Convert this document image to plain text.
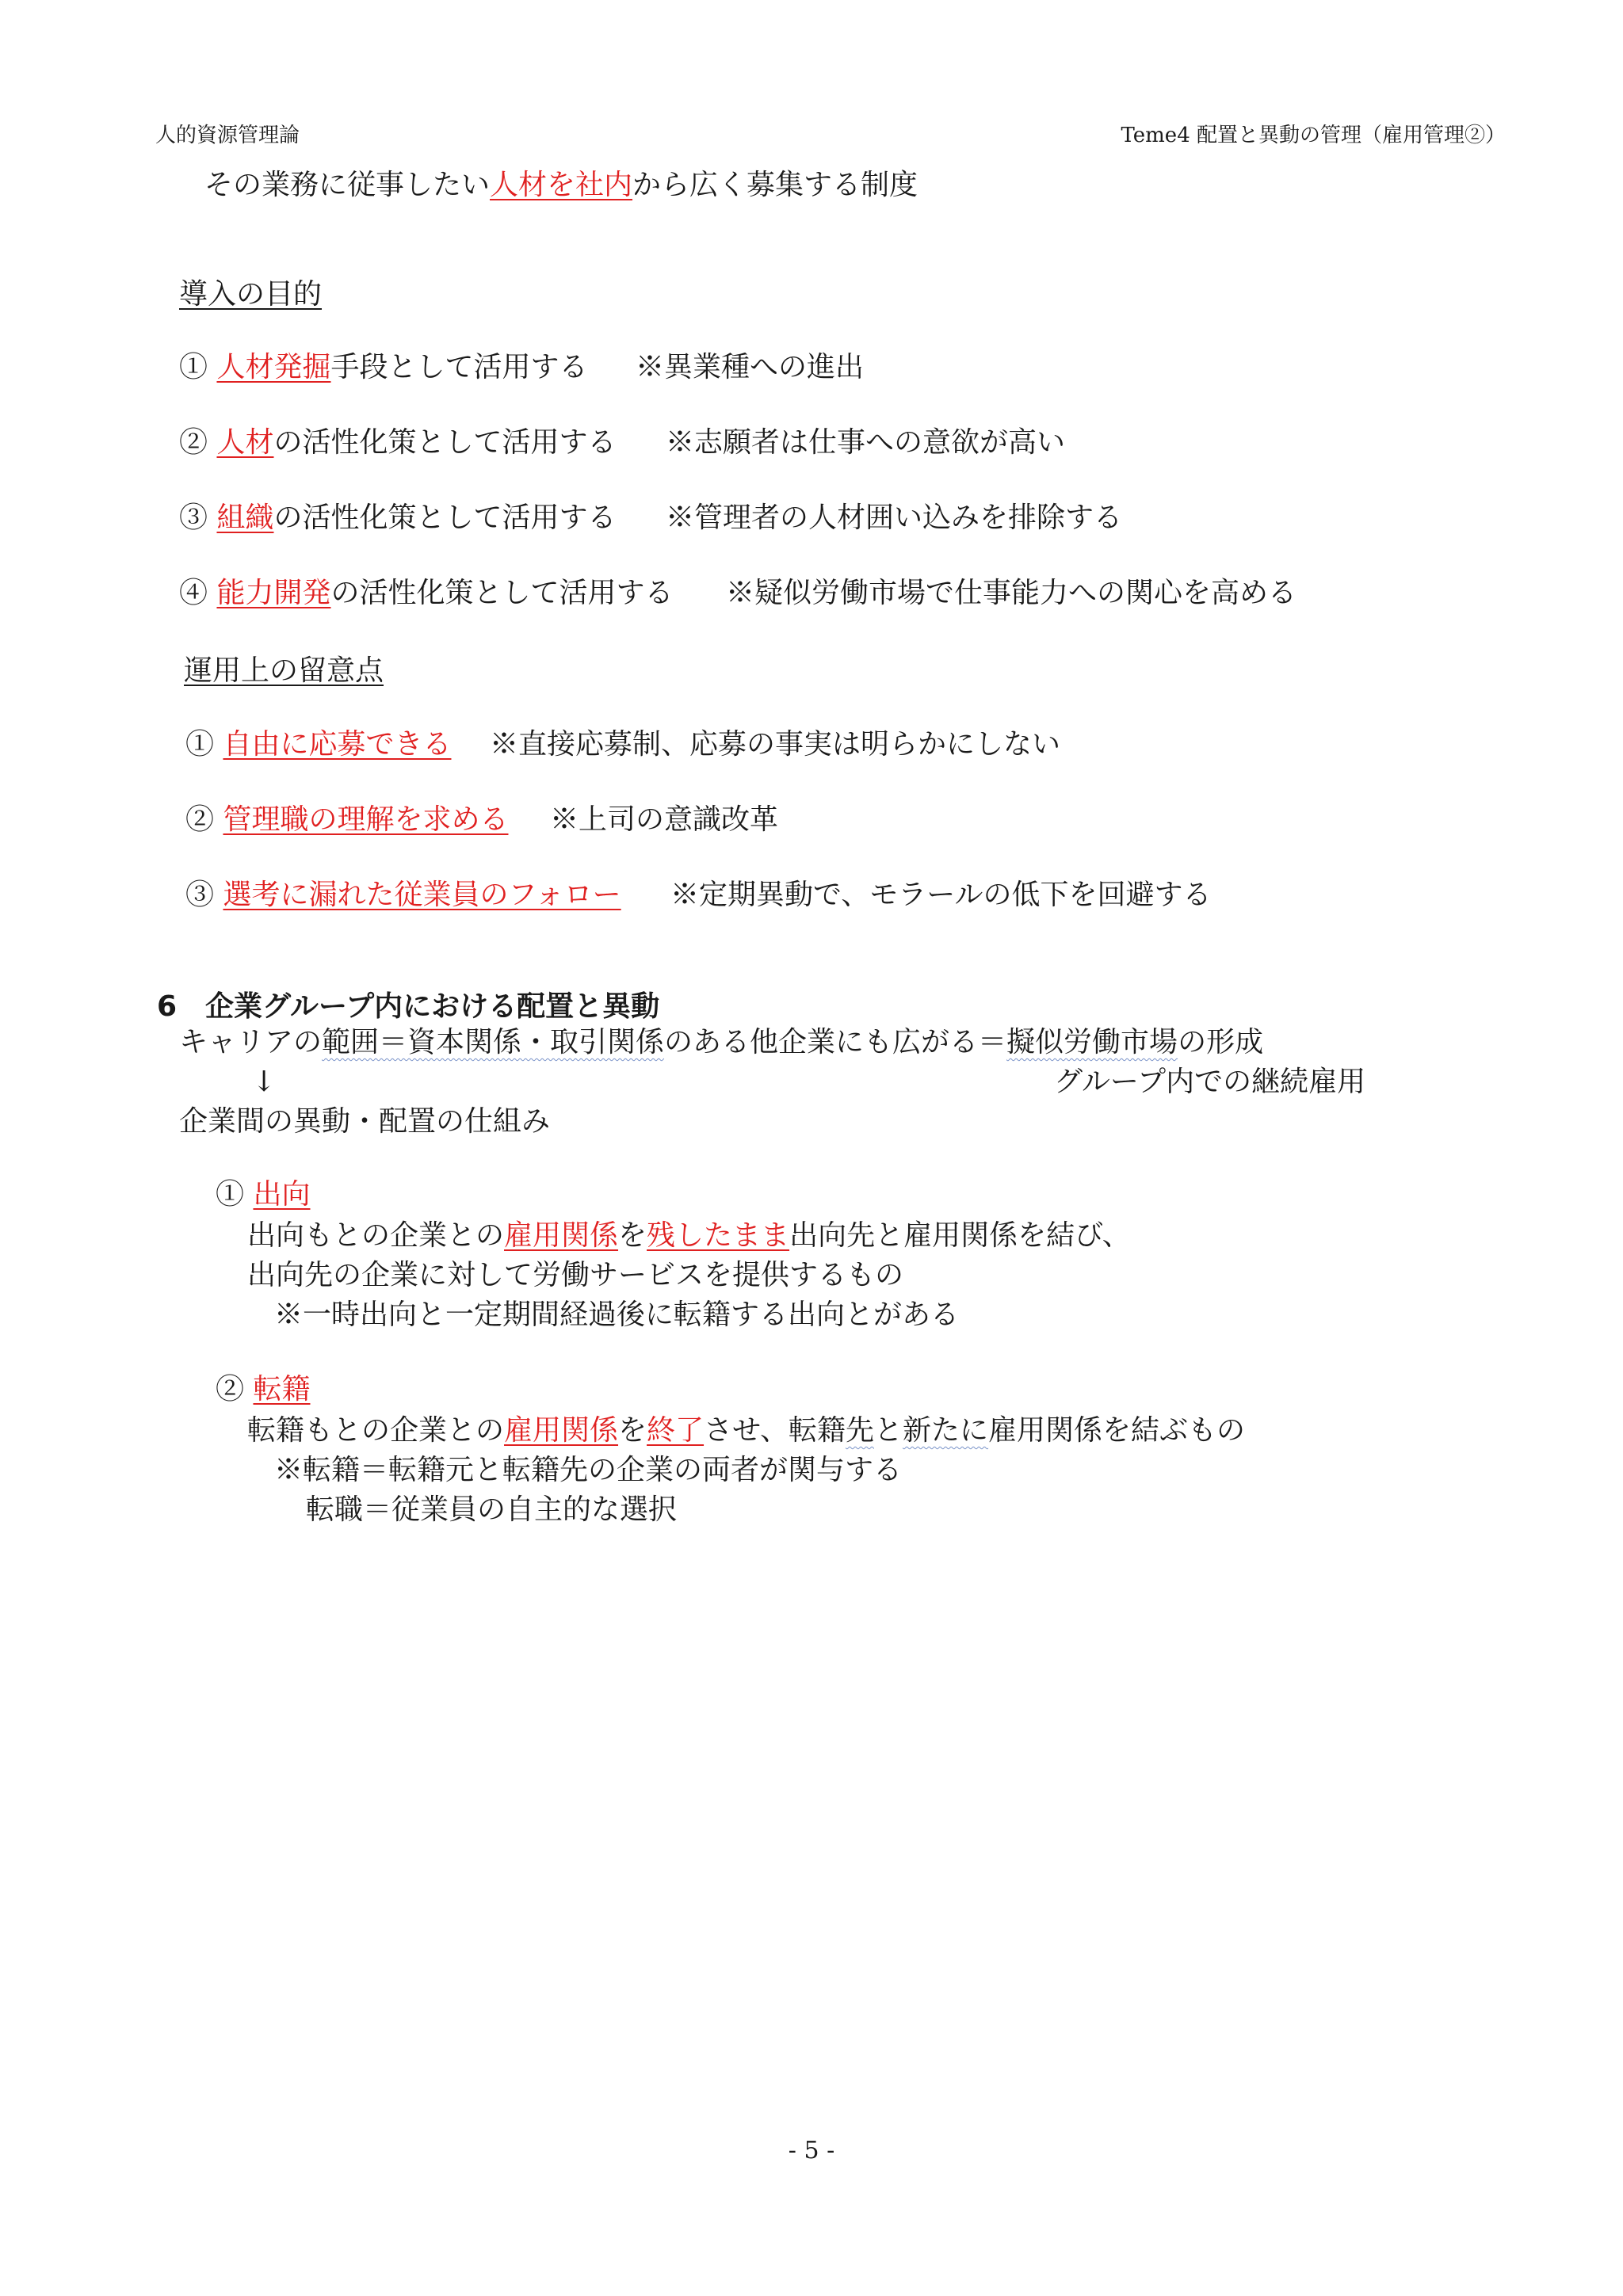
人的資源管理論	Teme4 配置と異動の管理（雇用管理②）
その業務に従事したい人材を社内から広く募集する制度
導入の目的
① 人材発掘手段として活用する ※異業種への進出
② 人材の活性化策として活用する ※志願者は仕事への意欲が高い
③ 組織の活性化策として活用する ※管理者の人材囲い込みを排除する
④ 能力開発の活性化策として活用する ※疑似労働市場で仕事能力への関心を高める
運用上の留意点
① 自由に応募できる ※直接応募制、応募の事実は明らかにしない
② 管理職の理解を求める ※上司の意識改革
③ 選考に漏れた従業員のフォロー ※定期異動で、モラールの低下を回避する
6　企業グループ内における配置と異動
キャリアの範囲＝資本関係・取引関係のある他企業にも広がる＝擬似労働市場の形成
↓	グループ内での継続雇用
企業間の異動・配置の仕組み
① 出向
出向もとの企業との雇用関係を残したまま出向先と雇用関係を結び、
出向先の企業に対して労働サービスを提供するもの
※一時出向と一定期間経過後に転籍する出向とがある
② 転籍
転籍もとの企業との雇用関係を終了させ、転籍先と新たに雇用関係を結ぶもの
※転籍＝転籍元と転籍先の企業の両者が関与する
転職＝従業員の自主的な選択
- 5 -
